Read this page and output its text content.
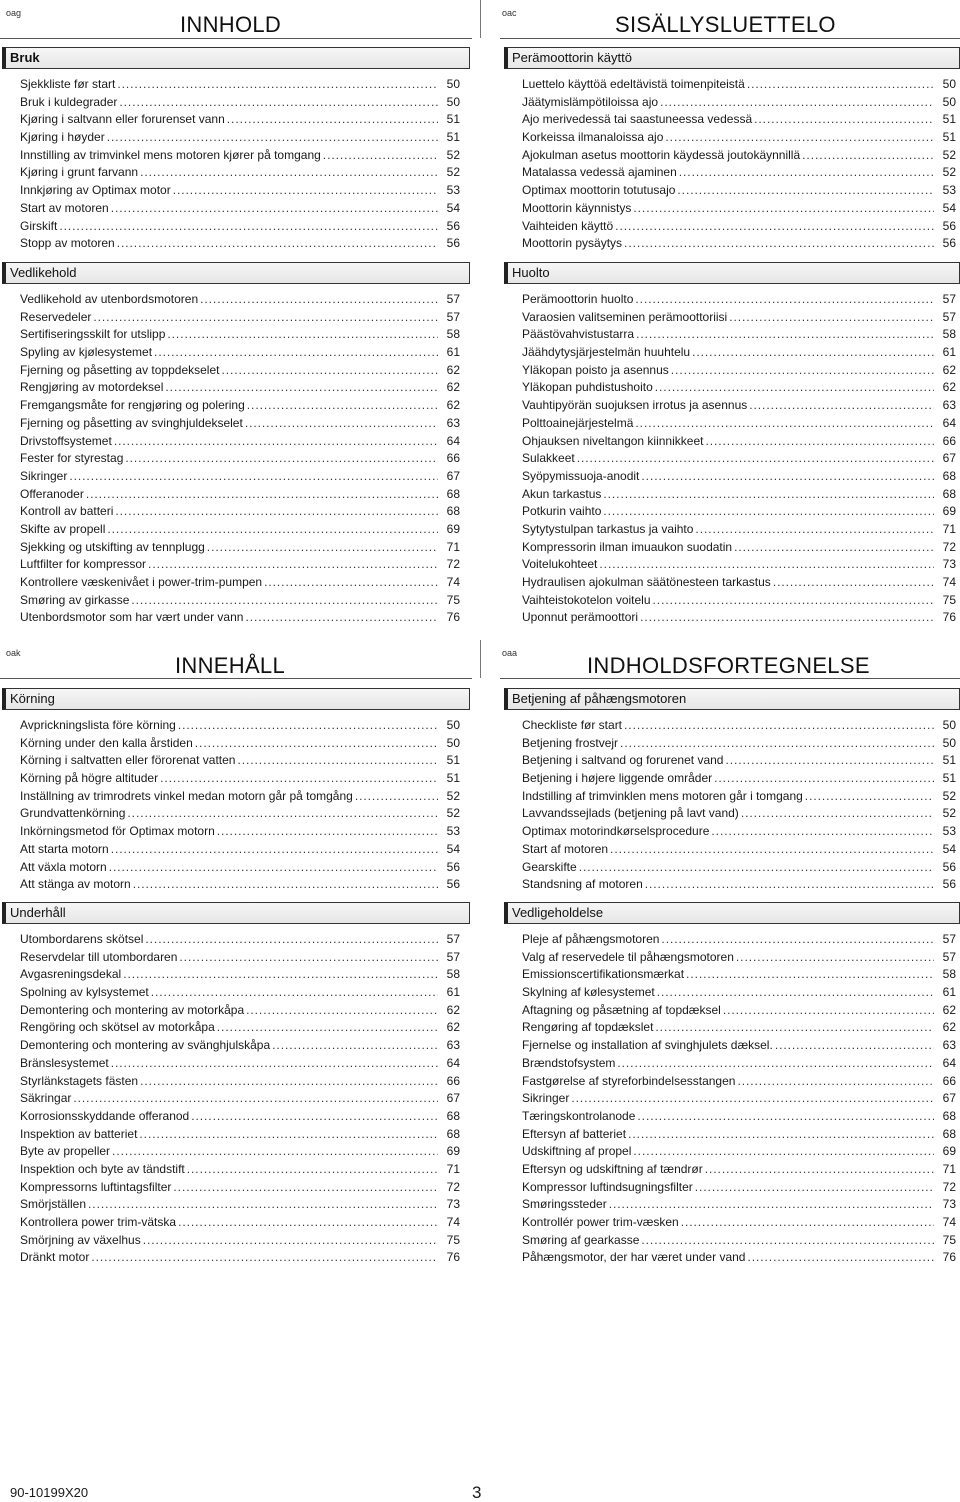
oag	INNHOLD
Bruk
Sjekkliste før start . . .	50
Bruk i kuldegrader . . .	50
Kjøring i saltvann eller forurenset vann . . .	51
Kjøring i høyder . . .	51
Innstilling av trimvinkel mens motoren kjører på tomgang . . .	52
Kjøring i grunt farvann . . .	52
Innkjøring av Optimax motor . . .	53
Start av motoren . . .	54
Girskift . . .	56
Stopp av motoren . . .	56
Vedlikehold
Vedlikehold av utenbordsmotoren . . .	57
Reservedeler . . .	57
Sertifiseringsskilt for utslipp . . .	58
Spyling av kjølesystemet . . .	61
Fjerning og påsetting av toppdekselet . . .	62
Rengjøring av motordeksel . . .	62
Fremgangsmåte for rengjøring og polering . . .	62
Fjerning og påsetting av svinghjuldekselet . . .	63
Drivstoffsystemet . . .	64
Fester for styrestag . . .	66
Sikringer . . .	67
Offeranoder . . .	68
Kontroll av batteri . . .	68
Skifte av propell . . .	69
Sjekking og utskifting av tennplugg . . .	71
Luftfilter for kompressor . . .	72
Kontrollere væskenivået i power-trim-pumpen . . .	74
Smøring av girkasse . . .	75
Utenbordsmotor som har vært under vann . . .	76
oac	SISÄLLYSLUETTELO
Perämoottorin käyttö
Luettelo käyttöä edeltävistä toimenpiteistä . . .	50
Jäätymislämpötiloissa ajo . . .	50
Ajo merivedessä tai saastuneessa vedessä . . .	51
Korkeissa ilmanaloissa ajo . . .	51
Ajokulman asetus moottorin käydessä joutokäynnillä . . .	52
Matalassa vedessä ajaminen . . .	52
Optimax moottorin totutusajo . . .	53
Moottorin käynnistys . . .	54
Vaihteiden käyttö . . .	56
Moottorin pysäytys . . .	56
Huolto
Perämoottorin huolto . . .	57
Varaosien valitseminen perämoottoriisi . . .	57
Päästövahvistustarra . . .	58
Jäähdytysjärjestelmän huuhtelu . . .	61
Yläkopan poisto ja asennus . . .	62
Yläkopan puhdistushoito . . .	62
Vauhtipyörän suojuksen irrotus ja asennus . . .	63
Polttoainejärjestelmä . . .	64
Ohjauksen niveltangon kiinnikkeet . . .	66
Sulakkeet . . .	67
Syöpymissuoja-anodit . . .	68
Akun tarkastus . . .	68
Potkurin vaihto . . .	69
Sytytystulpan tarkastus ja vaihto . . .	71
Kompressorin ilman imuaukon suodatin . . .	72
Voitelukohteet . . .	73
Hydraulisen ajokulman säätönesteen tarkastus . . .	74
Vaihteistokotelon voitelu . . .	75
Uponnut perämoottori . . .	76
oak	INNEHÅLL
Körning
Avprickningslista före körning . . .	50
Körning under den kalla årstiden . . .	50
Körning i saltvatten eller förorenat vatten . . .	51
Körning på högre altituder . . .	51
Inställning av trimrodrets vinkel medan motorn går på tomgång . . .	52
Grundvattenkörning . . .	52
Inkörningsmetod för Optimax motorn . . .	53
Att starta motorn . . .	54
Att växla motorn . . .	56
Att stänga av motorn . . .	56
Underhåll
Utombordarens skötsel . . .	57
Reservdelar till utombordaren . . .	57
Avgasreningsdekal . . .	58
Spolning av kylsystemet . . .	61
Demontering och montering av motorkåpa . . .	62
Rengöring och skötsel av motorkåpa . . .	62
Demontering och montering av svänghjulskåpa . . .	63
Bränslesystemet . . .	64
Styrlänkstagets fästen . . .	66
Säkringar . . .	67
Korrosionsskyddande offeranod . . .	68
Inspektion av batteriet . . .	68
Byte av propeller . . .	69
Inspektion och byte av tändstift . . .	71
Kompressorns luftintagsfilter . . .	72
Smörjställen . . .	73
Kontrollera power trim-vätska . . .	74
Smörjning av växelhus . . .	75
Dränkt motor . . .	76
oaa	INDHOLDSFORTEGNELSE
Betjening af påhængsmotoren
Checkliste før start . . .	50
Betjening frostvejr . . .	50
Betjening i saltvand og forurenet vand . . .	51
Betjening i højere liggende områder . . .	51
Indstilling af trimvinklen mens motoren går i tomgang . . .	52
Lavvandssejlads (betjening på lavt vand) . . .	52
Optimax motorindkørselsprocedure . . .	53
Start af motoren . . .	54
Gearskifte . . .	56
Standsning af motoren . . .	56
Vedligeholdelse
Pleje af påhængsmotoren . . .	57
Valg af reservedele til påhængsmotoren . . .	57
Emissionscertifikationsmærkat . . .	58
Skylning af kølesystemet . . .	61
Aftagning og påsætning af topdæksel . . .	62
Rengøring af topdækslet . . .	62
Fjernelse og installation af svinghjulets dæksel. . . .	63
Brændstofsystem . . .	64
Fastgørelse af styreforbindelsesstangen . . .	66
Sikringer . . .	67
Tæringskontrolanode . . .	68
Eftersyn af batteriet . . .	68
Udskiftning af propel . . .	69
Eftersyn og udskiftning af tændrør . . .	71
Kompressor luftindsugningsfilter . . .	72
Smøringssteder . . .	73
Kontrollér power trim-væsken . . .	74
Smøring af gearkasse . . .	75
Påhængsmotor, der har været under vand . . .	76
90-10199X20	3
